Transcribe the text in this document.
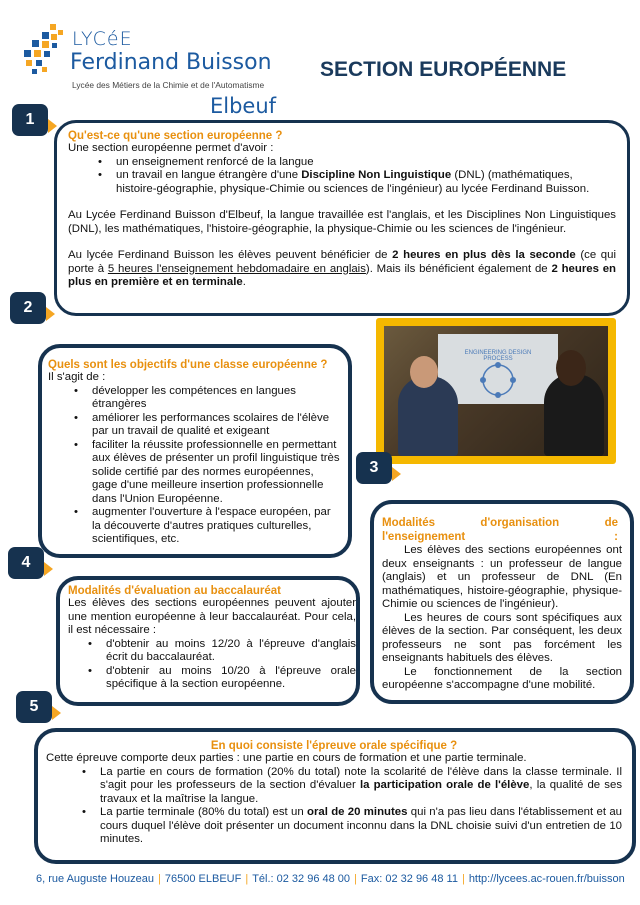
LYCéE
Ferdinand Buisson
Lycée des Métiers de la Chimie et de l'Automatisme
Elbeuf
SECTION EUROPÉENNE
1
Qu'est-ce qu'une section européenne ?
Une section européenne permet d'avoir :
• un enseignement renforcé de la langue
• un travail en langue étrangère d'une Discipline Non Linguistique (DNL) (mathématiques, histoire-géographie, physique-Chimie ou sciences de l'ingénieur) au lycée Ferdinand Buisson.

Au Lycée Ferdinand Buisson d'Elbeuf, la langue travaillée est l'anglais, et les Disciplines Non Linguistiques (DNL), les mathématiques, l'histoire-géographie, la physique-Chimie ou les sciences de l'ingénieur.

Au lycée Ferdinand Buisson les élèves peuvent bénéficier de 2 heures en plus dès la seconde (ce qui porte à 5 heures l'enseignement hebdomadaire en anglais). Mais ils bénéficient également de 2 heures en plus en première et en terminale.

2
Quels sont les objectifs d'une classe européenne ?
Il s'agit de :
• développer les compétences en langues étrangères
• améliorer les performances scolaires de l'élève par un travail de qualité et exigeant
• faciliter la réussite professionnelle en permettant aux élèves de présenter un profil linguistique très solide certifié par des normes européennes, gage d'une meilleure insertion professionnelle dans l'Union Européenne.
• augmenter l'ouverture à l'espace européen, par la découverte d'autres pratiques culturelles, scientifiques, etc.
ENGINEERING DESIGN PROCESS
3
Modalités d'organisation de l'enseignement :

Les élèves des sections européennes ont deux enseignants : un professeur de langue (anglais) et un professeur de DNL (En mathématiques, histoire-géographie, physique-Chimie ou sciences de l'ingénieur).

Les heures de cours sont spécifiques aux élèves de la section. Par conséquent, les deux professeurs ne sont pas forcément les enseignants habituels des élèves.

Le fonctionnement de la section européenne s'accompagne d'une mobilité.

4
Modalités d'évaluation au baccalauréat

Les élèves des sections européennes peuvent ajouter une mention européenne à leur baccalauréat. Pour cela, il est nécessaire :

• d'obtenir au moins 12/20 à l'épreuve d'anglais écrit du baccalauréat.
• d'obtenir au moins 10/20 à l'épreuve orale spécifique à la section européenne.
5
En quoi consiste l'épreuve orale spécifique ?
Cette épreuve comporte deux parties : une partie en cours de formation et une partie terminale.
• La partie en cours de formation (20% du total) note la scolarité de l'élève dans la classe terminale. Il s'agit pour les professeurs de la section d'évaluer la participation orale de l'élève, la qualité de ses travaux et la maîtrise la langue.
• La partie terminale (80% du total) est un oral de 20 minutes qui n'a pas lieu dans l'établissement et au cours duquel l'élève doit présenter un document inconnu dans la DNL choisie suivi d'un entretien de 10 minutes.
6, rue Auguste Houzeau | 76500 ELBEUF | Tél.: 02 32 96 48 00 | Fax: 02 32 96 48 11 | http://lycees.ac-rouen.fr/buisson
